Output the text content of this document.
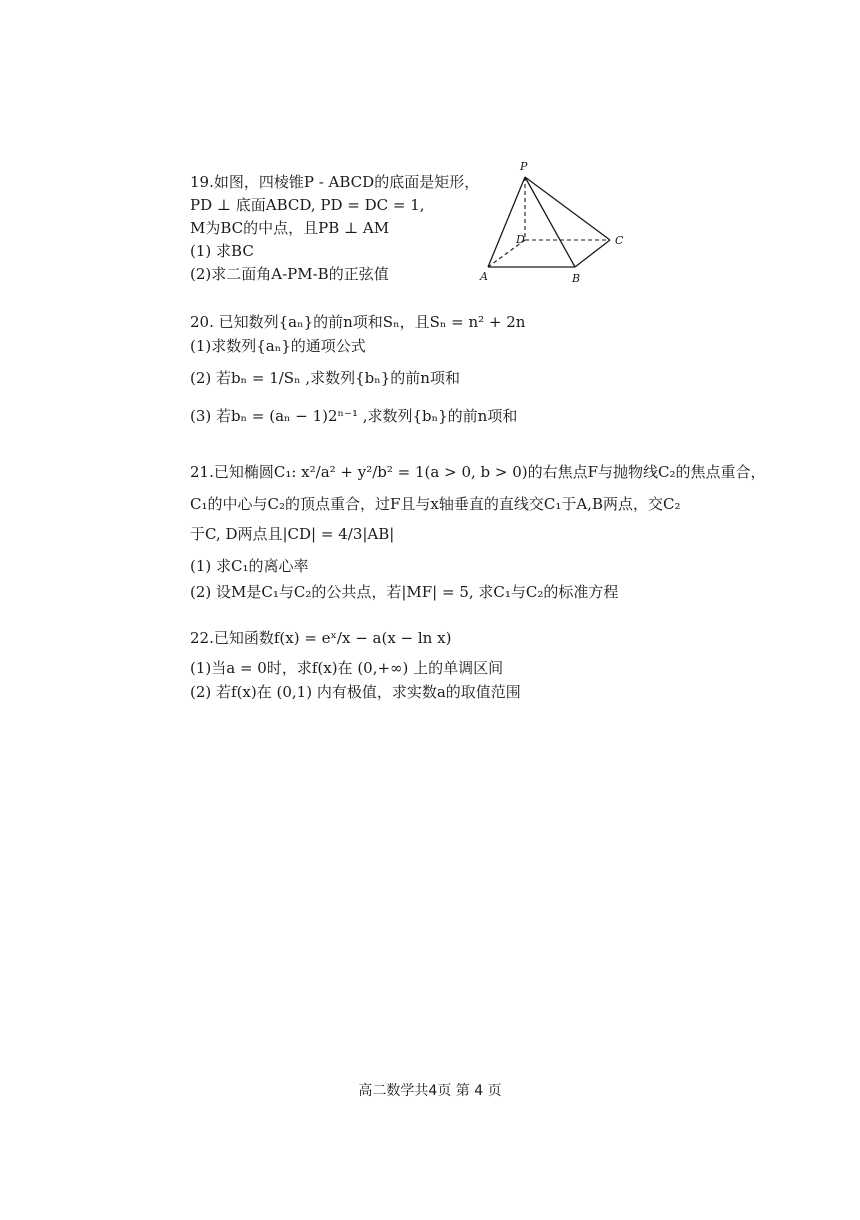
19.如图，四棱锥P - ABCD的底面是矩形，
PD ⊥ 底面ABCD, PD = DC = 1,
M为BC的中点，且PB ⊥ AM
(1) 求BC
(2)求二面角A-PM-B的正弦值
P
D	C
A	B
20. 已知数列{aₙ}的前n项和Sₙ，且Sₙ = n² + 2n
(1)求数列{aₙ}的通项公式
(2) 若bₙ = 1/Sₙ ,求数列{bₙ}的前n项和
(3) 若bₙ = (aₙ − 1)2ⁿ⁻¹ ,求数列{bₙ}的前n项和
21.已知椭圆C₁: x²/a² + y²/b² = 1(a > 0, b > 0)的右焦点F与抛物线C₂的焦点重合，
C₁的中心与C₂的顶点重合，过F且与x轴垂直的直线交C₁于A,B两点，交C₂
于C, D两点且|CD| = 4/3|AB|
(1) 求C₁的离心率
(2) 设M是C₁与C₂的公共点，若|MF| = 5, 求C₁与C₂的标准方程
22.已知函数f(x) = eˣ/x − a(x − ln x)
(1)当a = 0时，求f(x)在 (0,+∞) 上的单调区间
(2) 若f(x)在 (0,1) 内有极值，求实数a的取值范围
高二数学共4页 第 4 页
